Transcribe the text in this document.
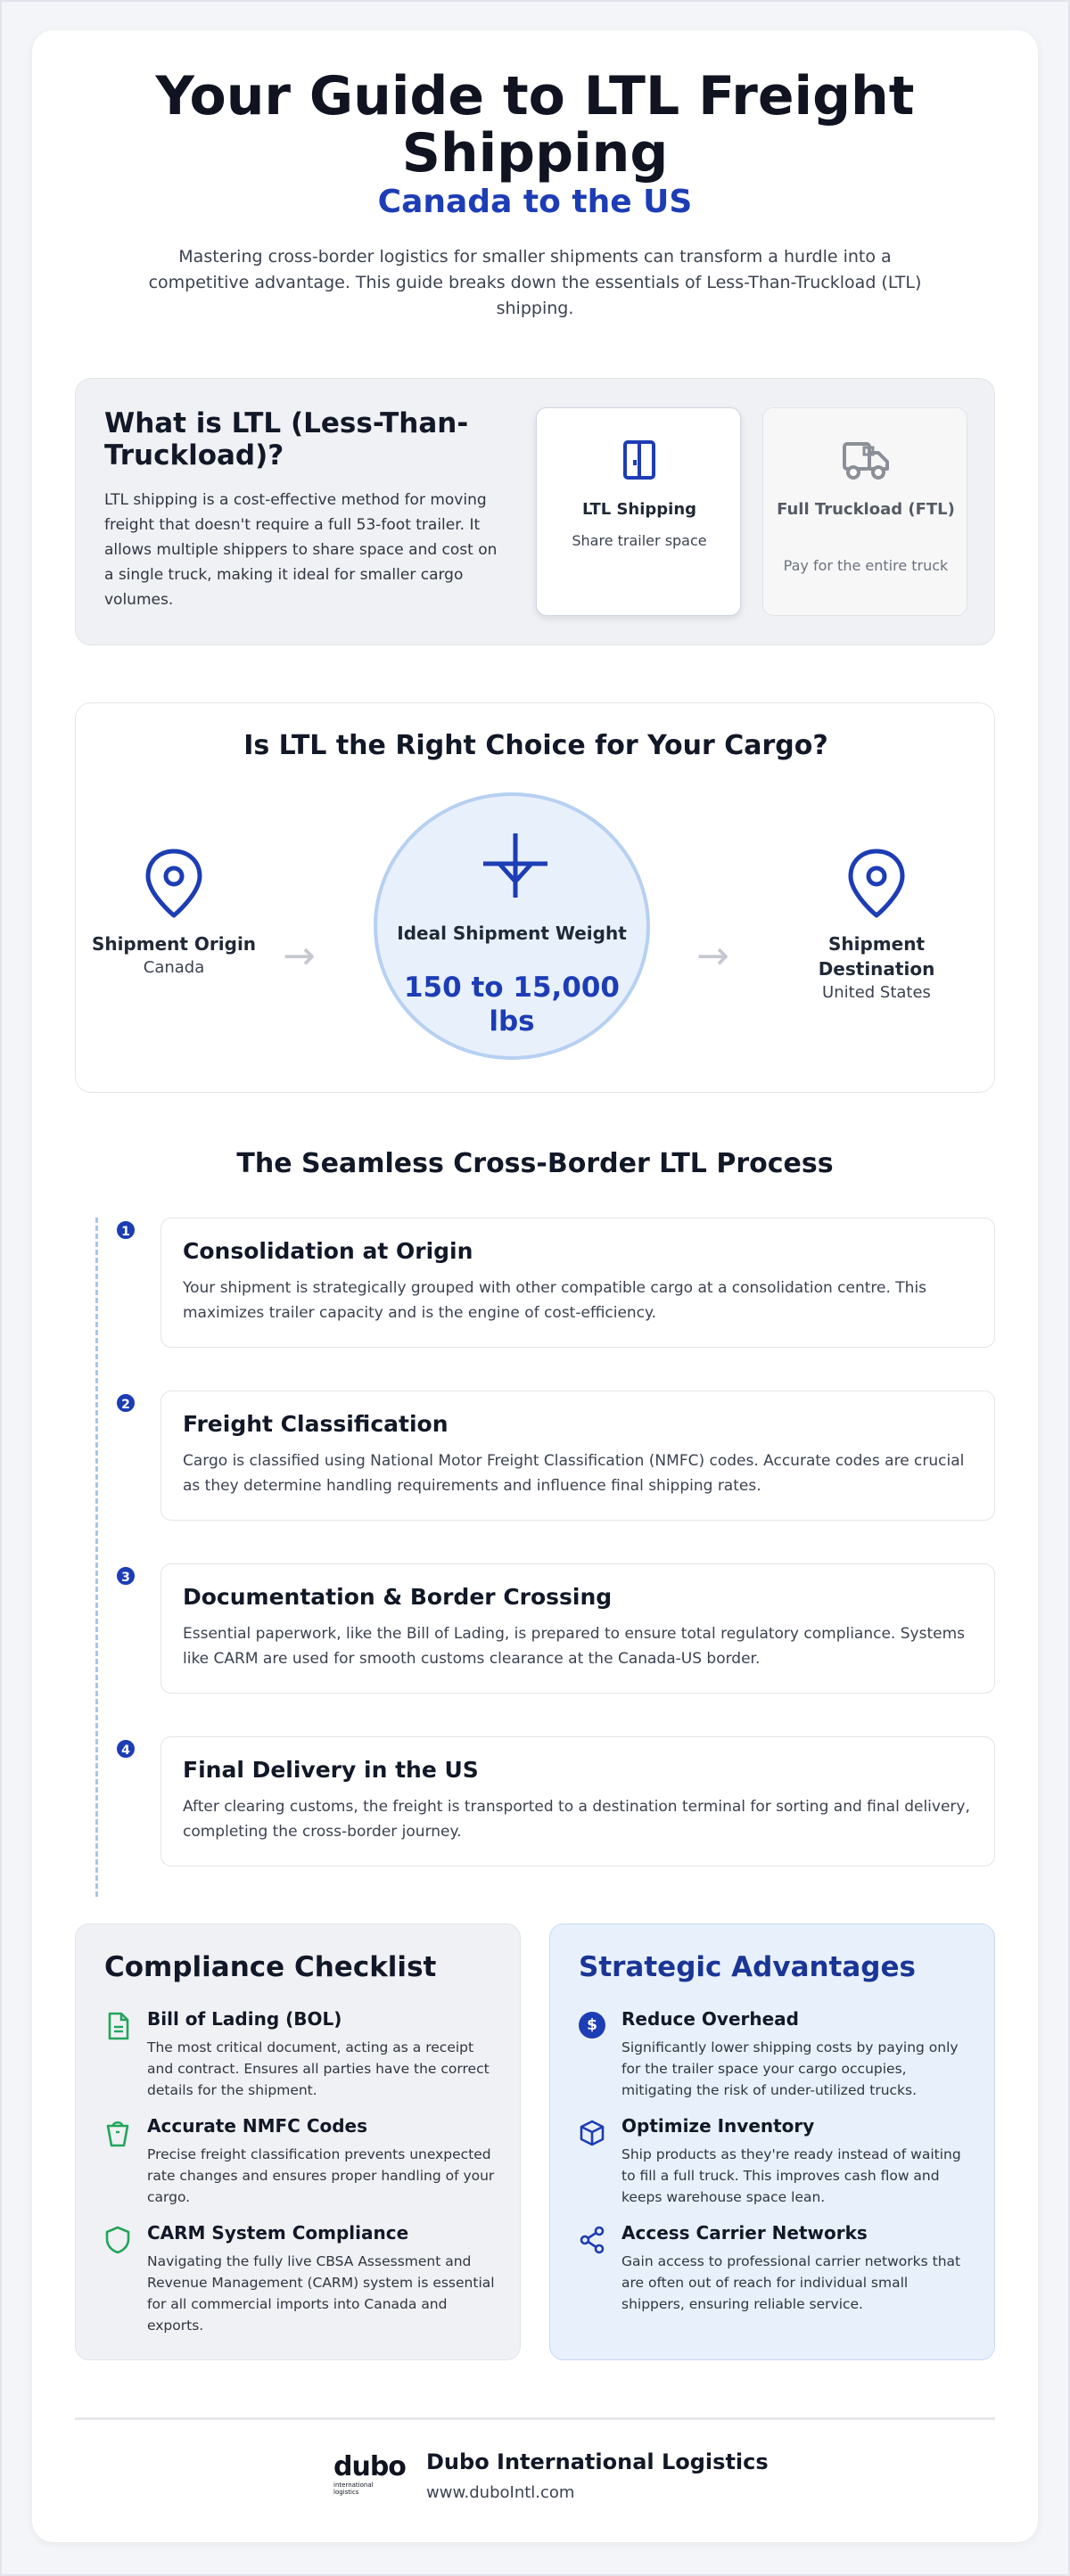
Your Guide to LTL Freight Shipping
Canada to the US

Mastering cross-border logistics for smaller shipments can transform a hurdle into a competitive advantage. This guide breaks down the essentials of Less-Than-Truckload (LTL) shipping.

What is LTL (Less-Than-Truckload)?

LTL shipping is a cost-effective method for moving freight that doesn't require a full 53-foot trailer. It allows multiple shippers to share space and cost on a single truck, making it ideal for smaller cargo volumes.

LTL Shipping
Share trailer space
Full Truckload (FTL)
Pay for the entire truck
Is LTL the Right Choice for Your Cargo?
Shipment Origin
Canada	→	Ideal Shipment Weight
150 to 15,000 lbs
→	Shipment Destination
United States
The Seamless Cross-Border LTL Process
1
Consolidation at Origin
Your shipment is strategically grouped with other compatible cargo at a consolidation centre. This maximizes trailer capacity and is the engine of cost-efficiency.
2
Freight Classification
Cargo is classified using National Motor Freight Classification (NMFC) codes. Accurate codes are crucial as they determine handling requirements and influence final shipping rates.
3
Documentation & Border Crossing
Essential paperwork, like the Bill of Lading, is prepared to ensure total regulatory compliance. Systems like CARM are used for smooth customs clearance at the Canada-US border.
4
Final Delivery in the US
After clearing customs, the freight is transported to a destination terminal for sorting and final delivery, completing the cross-border journey.
Compliance Checklist
Bill of Lading (BOL)
The most critical document, acting as a receipt and contract. Ensures all parties have the correct details for the shipment.
Accurate NMFC Codes
Precise freight classification prevents unexpected rate changes and ensures proper handling of your cargo.
CARM System Compliance
Navigating the fully live CBSA Assessment and Revenue Management (CARM) system is essential for all commercial imports into Canada and exports.
Strategic Advantages
$	Reduce Overhead
Significantly lower shipping costs by paying only for the trailer space your cargo occupies, mitigating the risk of under-utilized trucks.
Optimize Inventory
Ship products as they're ready instead of waiting to fill a full truck. This improves cash flow and keeps warehouse space lean.
Access Carrier Networks
Gain access to professional carrier networks that are often out of reach for individual small shippers, ensuring reliable service.
dubo
international logistics
Dubo International Logistics
www.duboIntl.com
